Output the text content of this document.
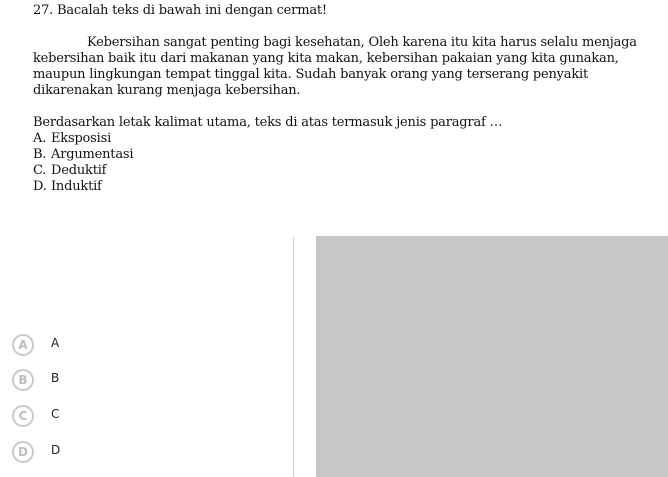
27. Bacalah teks di bawah ini dengan cermat!

Kebersihan sangat penting bagi kesehatan, Oleh karena itu kita harus selalu menjaga kebersihan baik itu dari makanan yang kita makan, kebersihan pakaian yang kita gunakan, maupun lingkungan tempat tinggal kita. Sudah banyak orang yang terserang penyakit dikarenakan kurang menjaga kebersihan.

Berdasarkan letak kalimat utama, teks di atas termasuk jenis paragraf …

A. Eksposisi
B. Argumentasi
C. Deduktif
D. Induktif
A	A
B	B
C	C
D	D
